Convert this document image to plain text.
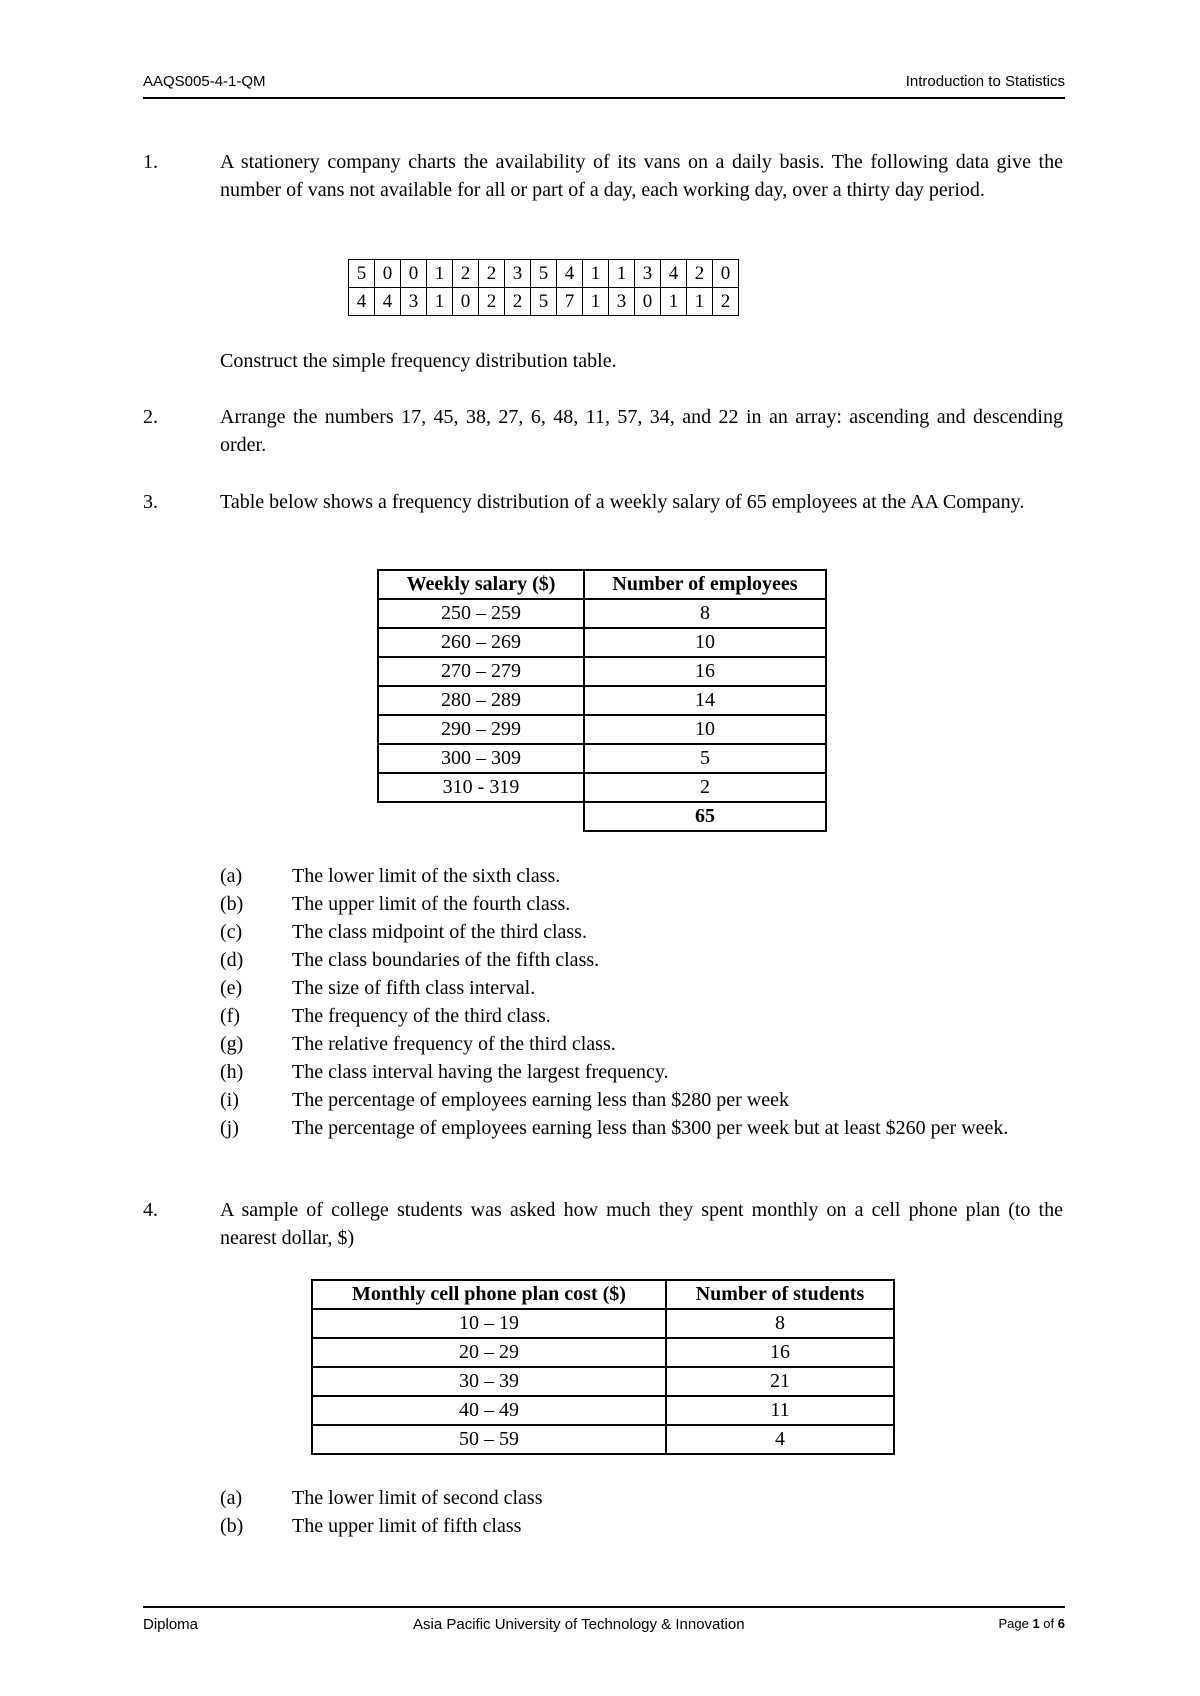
AAQS005-4-1-QM	Introduction to Statistics
1.	A stationery company charts the availability of its vans on a daily basis. The following data give the number of vans not available for all or part of a day, each working day, over a thirty day period.
5	0	0	1	2	2	3	5	4	1	1	3	4	2	0
4	4	3	1	0	2	2	5	7	1	3	0	1	1	2
Construct the simple frequency distribution table.
2.	Arrange the numbers 17, 45, 38, 27, 6, 48, 11, 57, 34, and 22 in an array: ascending and descending order.
3.	Table below shows a frequency distribution of a weekly salary of 65 employees at the AA Company.
Weekly salary ($)	Number of employees
250 – 259	8
260 – 269	10
270 – 279	16
280 – 289	14
290 – 299	10
300 – 309	5
310 - 319	2
	65
(a) The lower limit of the sixth class.
(b) The upper limit of the fourth class.
(c) The class midpoint of the third class.
(d) The class boundaries of the fifth class.
(e) The size of fifth class interval.
(f)	The frequency of the third class.
(g) The relative frequency of the third class.
(h) The class interval having the largest frequency.
(i)	The percentage of employees earning less than $280 per week
(j)	The percentage of employees earning less than $300 per week but at least $260 per week.
4.	A sample of college students was asked how much they spent monthly on a cell phone plan (to the nearest dollar, $)
Monthly cell phone plan cost ($)	Number of students
10 – 19	8
20 – 29	16
30 – 39	21
40 – 49	11
50 – 59	4
(a) The lower limit of second class
(b) The upper limit of fifth class
Diploma	Asia Pacific University of Technology & Innovation	Page 1 of 6
